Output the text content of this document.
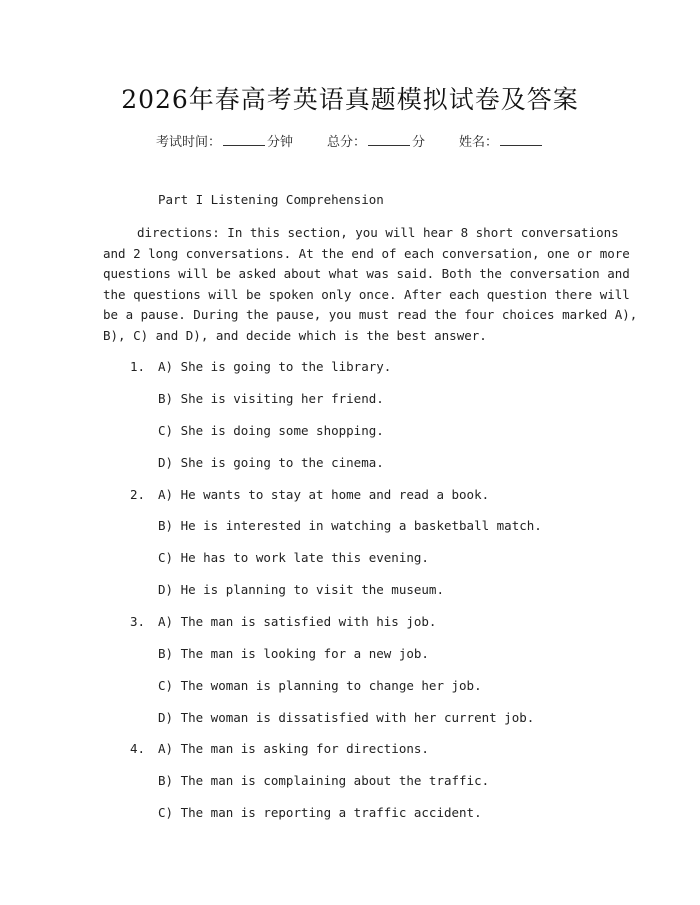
2026年春高考英语真题模拟试卷及答案
考试时间：	分钟	总分：	分	姓名：
Part I Listening Comprehension
directions: In this section, you will hear 8 short conversations
and 2 long conversations. At the end of each conversation, one or more
questions will be asked about what was said. Both the conversation and
the questions will be spoken only once. After each question there will
be a pause. During the pause, you must read the four choices marked A),
B), C) and D), and decide which is the best answer.
1. A) She is going to the library.
B) She is visiting her friend.
C) She is doing some shopping.
D) She is going to the cinema.
2. A) He wants to stay at home and read a book.
B) He is interested in watching a basketball match.
C) He has to work late this evening.
D) He is planning to visit the museum.
3. A) The man is satisfied with his job.
B) The man is looking for a new job.
C) The woman is planning to change her job.
D) The woman is dissatisfied with her current job.
4. A) The man is asking for directions.
B) The man is complaining about the traffic.
C) The man is reporting a traffic accident.
